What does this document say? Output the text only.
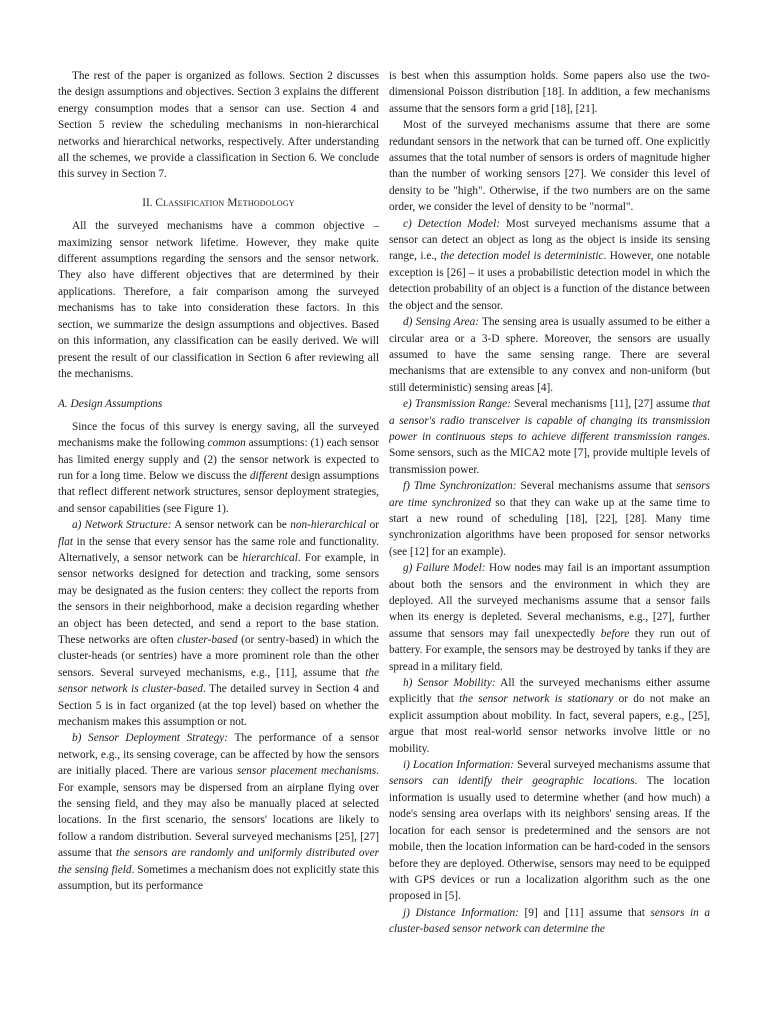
The rest of the paper is organized as follows. Section 2 discusses the design assumptions and objectives. Section 3 explains the different energy consumption modes that a sensor can use. Section 4 and Section 5 review the scheduling mechanisms in non-hierarchical networks and hierarchical networks, respectively. After understanding all the schemes, we provide a classification in Section 6. We conclude this survey in Section 7.

II. Classification Methodology

All the surveyed mechanisms have a common objective – maximizing sensor network lifetime. However, they make quite different assumptions regarding the sensors and the sensor network. They also have different objectives that are determined by their applications. Therefore, a fair comparison among the surveyed mechanisms has to take into consideration these factors. In this section, we summarize the design assumptions and objectives. Based on this information, any classification can be easily derived. We will present the result of our classification in Section 6 after reviewing all the mechanisms.

A. Design Assumptions

Since the focus of this survey is energy saving, all the surveyed mechanisms make the following common assumptions: (1) each sensor has limited energy supply and (2) the sensor network is expected to run for a long time. Below we discuss the different design assumptions that reflect different network structures, sensor deployment strategies, and sensor capabilities (see Figure 1).

a) Network Structure: A sensor network can be non-hierarchical or flat in the sense that every sensor has the same role and functionality. Alternatively, a sensor network can be hierarchical. For example, in sensor networks designed for detection and tracking, some sensors may be designated as the fusion centers: they collect the reports from the sensors in their neighborhood, make a decision regarding whether an object has been detected, and send a report to the base station. These networks are often cluster-based (or sentry-based) in which the cluster-heads (or sentries) have a more prominent role than the other sensors. Several surveyed mechanisms, e.g., [11], assume that the sensor network is cluster-based. The detailed survey in Section 4 and Section 5 is in fact organized (at the top level) based on whether the mechanism makes this assumption or not.

b) Sensor Deployment Strategy: The performance of a sensor network, e.g., its sensing coverage, can be affected by how the sensors are initially placed. There are various sensor placement mechanisms. For example, sensors may be dispersed from an airplane flying over the sensing field, and they may also be manually placed at selected locations. In the first scenario, the sensors' locations are likely to follow a random distribution. Several surveyed mechanisms [25], [27] assume that the sensors are randomly and uniformly distributed over the sensing field. Sometimes a mechanism does not explicitly state this assumption, but its performance

is best when this assumption holds. Some papers also use the two-dimensional Poisson distribution [18]. In addition, a few mechanisms assume that the sensors form a grid [18], [21].

Most of the surveyed mechanisms assume that there are some redundant sensors in the network that can be turned off. One explicitly assumes that the total number of sensors is orders of magnitude higher than the number of working sensors [27]. We consider this level of density to be "high". Otherwise, if the two numbers are on the same order, we consider the level of density to be "normal".

c) Detection Model: Most surveyed mechanisms assume that a sensor can detect an object as long as the object is inside its sensing range, i.e., the detection model is deterministic. However, one notable exception is [26] – it uses a probabilistic detection model in which the detection probability of an object is a function of the distance between the object and the sensor.

d) Sensing Area: The sensing area is usually assumed to be either a circular area or a 3-D sphere. Moreover, the sensors are usually assumed to have the same sensing range. There are several mechanisms that are extensible to any convex and non-uniform (but still deterministic) sensing areas [4].

e) Transmission Range: Several mechanisms [11], [27] assume that a sensor's radio transceiver is capable of changing its transmission power in continuous steps to achieve different transmission ranges. Some sensors, such as the MICA2 mote [7], provide multiple levels of transmission power.

f) Time Synchronization: Several mechanisms assume that sensors are time synchronized so that they can wake up at the same time to start a new round of scheduling [18], [22], [28]. Many time synchronization algorithms have been proposed for sensor networks (see [12] for an example).

g) Failure Model: How nodes may fail is an important assumption about both the sensors and the environment in which they are deployed. All the surveyed mechanisms assume that a sensor fails when its energy is depleted. Several mechanisms, e.g., [27], further assume that sensors may fail unexpectedly before they run out of battery. For example, the sensors may be destroyed by tanks if they are spread in a military field.

h) Sensor Mobility: All the surveyed mechanisms either assume explicitly that the sensor network is stationary or do not make an explicit assumption about mobility. In fact, several papers, e.g., [25], argue that most real-world sensor networks involve little or no mobility.

i) Location Information: Several surveyed mechanisms assume that sensors can identify their geographic locations. The location information is usually used to determine whether (and how much) a node's sensing area overlaps with its neighbors' sensing areas. If the location for each sensor is predetermined and the sensors are not mobile, then the location information can be hard-coded in the sensors before they are deployed. Otherwise, sensors may need to be equipped with GPS devices or run a localization algorithm such as the one proposed in [5].

j) Distance Information: [9] and [11] assume that sensors in a cluster-based sensor network can determine the
